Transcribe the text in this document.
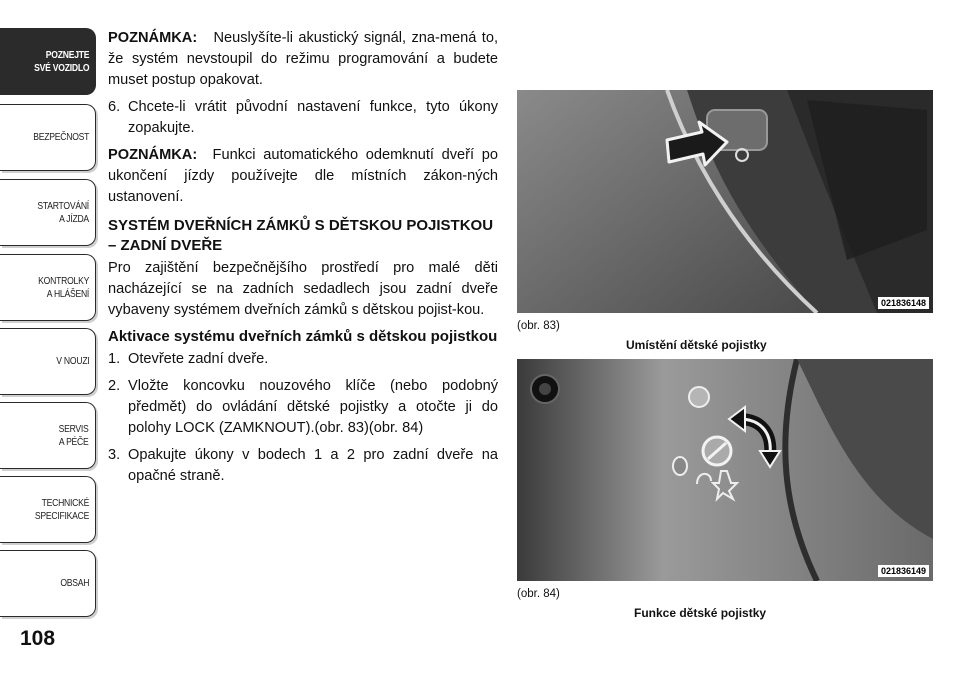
POZNEJTE
SVÉ VOZIDLO
BEZPEČNOST
STARTOVÁNÍ
A JÍZDA
KONTROLKY
A HLÁŠENÍ
V NOUZI
SERVIS
A PÉČE
TECHNICKÉ
SPECIFIKACE
OBSAH
108

POZNÁMKA: Neuslyšíte-li akustický signál, zna-mená to, že systém nevstoupil do režimu programování a budete muset postup opakovat.

6. Chcete-li vrátit původní nastavení funkce, tyto úkony zopakujte.

POZNÁMKA: Funkci automatického odemknutí dveří po ukončení jízdy používejte dle místních zákon-ných ustanovení.

SYSTÉM DVEŘNÍCH ZÁMKŮ S DĚTSKOU POJISTKOU – ZADNÍ DVEŘE

Pro zajištění bezpečnějšího prostředí pro malé děti nacházející se na zadních sedadlech jsou zadní dveře vybaveny systémem dveřních zámků s dětskou pojist-kou.

Aktivace systému dveřních zámků s dětskou pojistkou
1. Otevřete zadní dveře.
2. Vložte koncovku nouzového klíče (nebo podobný předmět) do ovládání dětské pojistky a otočte ji do polohy LOCK (ZAMKNOUT).(obr. 83)(obr. 84)
3. Opakujte úkony v bodech 1 a 2 pro zadní dveře na opačné straně.
021836148
(obr. 83)
Umístění dětské pojistky
021836149
(obr. 84)
Funkce dětské pojistky
